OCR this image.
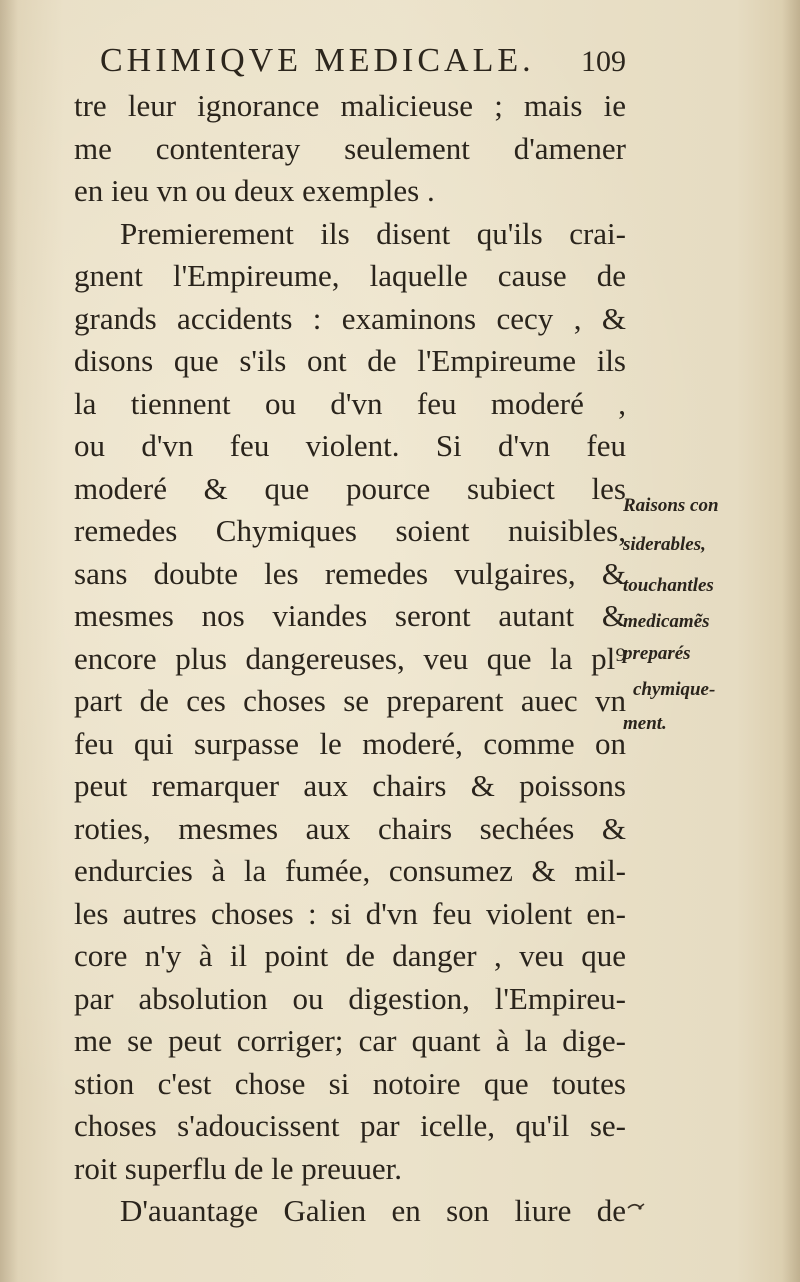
CHIMIQVE MEDICALE. 109
tre leur ignorance malicieuse ; mais ie
me contenteray seulement d'amener
en ieu vn ou deux exemples .
Premierement ils disent qu'ils crai-
gnent l'Empireume, laquelle cause de
grands accidents : examinons cecy , &
disons que s'ils ont de l'Empireume ils
la tiennent ou d'vn feu moderé ,
ou d'vn feu violent. Si d'vn feu
moderé & que pource subiect les
remedes Chymiques soient nuisibles,
sans doubte les remedes vulgaires, &
mesmes nos viandes seront autant &
encore plus dangereuses, veu que la pl⁹
part de ces choses se preparent auec vn
feu qui surpasse le moderé, comme on
peut remarquer aux chairs & poissons
roties, mesmes aux chairs sechées &
endurcies à la fumée, consumez & mil-
les autres choses : si d'vn feu violent en-
core n'y à il point de danger , veu que
par absolution ou digestion, l'Empireu-
me se peut corriger; car quant à la dige-
stion c'est chose si notoire que toutes
choses s'adoucissent par icelle, qu'il se-
roit superflu de le preuuer.
D'auantage Galien en son liure de
Raisons con
siderables,
touchantles
medicamẽs
preparés
chymique-
ment.
